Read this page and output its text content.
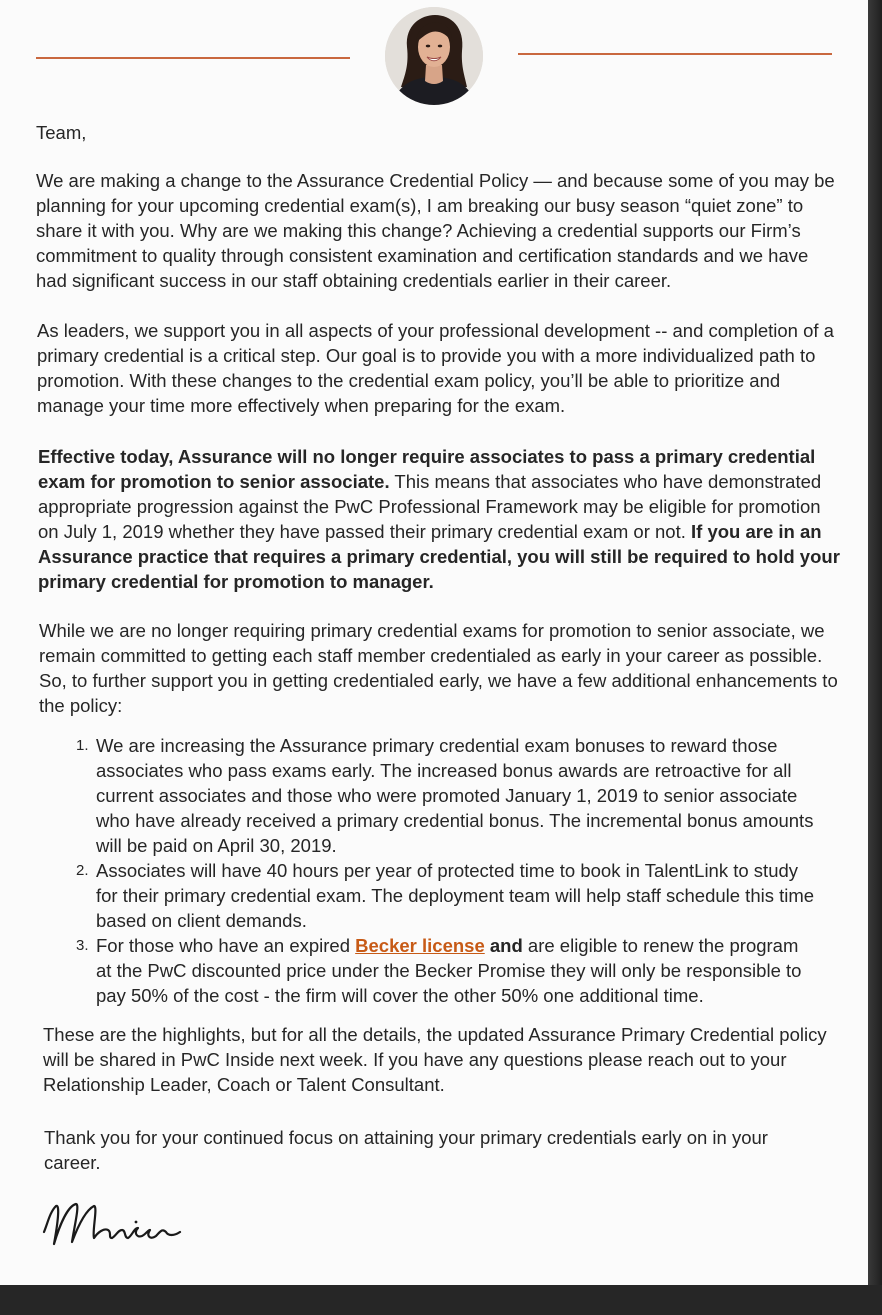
Team,

We are making a change to the Assurance Credential Policy — and because some of you may be planning for your upcoming credential exam(s), I am breaking our busy season “quiet zone” to share it with you. Why are we making this change? Achieving a credential supports our Firm’s commitment to quality through consistent examination and certification standards and we have had significant success in our staff obtaining credentials earlier in their career.

As leaders, we support you in all aspects of your professional development -- and completion of a primary credential is a critical step. Our goal is to provide you with a more individualized path to promotion. With these changes to the credential exam policy, you’ll be able to prioritize and manage your time more effectively when preparing for the exam.

Effective today, Assurance will no longer require associates to pass a primary credential exam for promotion to senior associate. This means that associates who have demonstrated appropriate progression against the PwC Professional Framework may be eligible for promotion on July 1, 2019 whether they have passed their primary credential exam or not. If you are in an Assurance practice that requires a primary credential, you will still be required to hold your primary credential for promotion to manager.

While we are no longer requiring primary credential exams for promotion to senior associate, we remain committed to getting each staff member credentialed as early in your career as possible. So, to further support you in getting credentialed early, we have a few additional enhancements to the policy:

1. We are increasing the Assurance primary credential exam bonuses to reward those associates who pass exams early. The increased bonus awards are retroactive for all current associates and those who were promoted January 1, 2019 to senior associate who have already received a primary credential bonus. The incremental bonus amounts will be paid on April 30, 2019.
2. Associates will have 40 hours per year of protected time to book in TalentLink to study for their primary credential exam. The deployment team will help staff schedule this time based on client demands.
3. For those who have an expired Becker license and are eligible to renew the program at the PwC discounted price under the Becker Promise they will only be responsible to pay 50% of the cost - the firm will cover the other 50% one additional time.

These are the highlights, but for all the details, the updated Assurance Primary Credential policy will be shared in PwC Inside next week. If you have any questions please reach out to your Relationship Leader, Coach or Talent Consultant.

Thank you for your continued focus on attaining your primary credentials early on in your career.
